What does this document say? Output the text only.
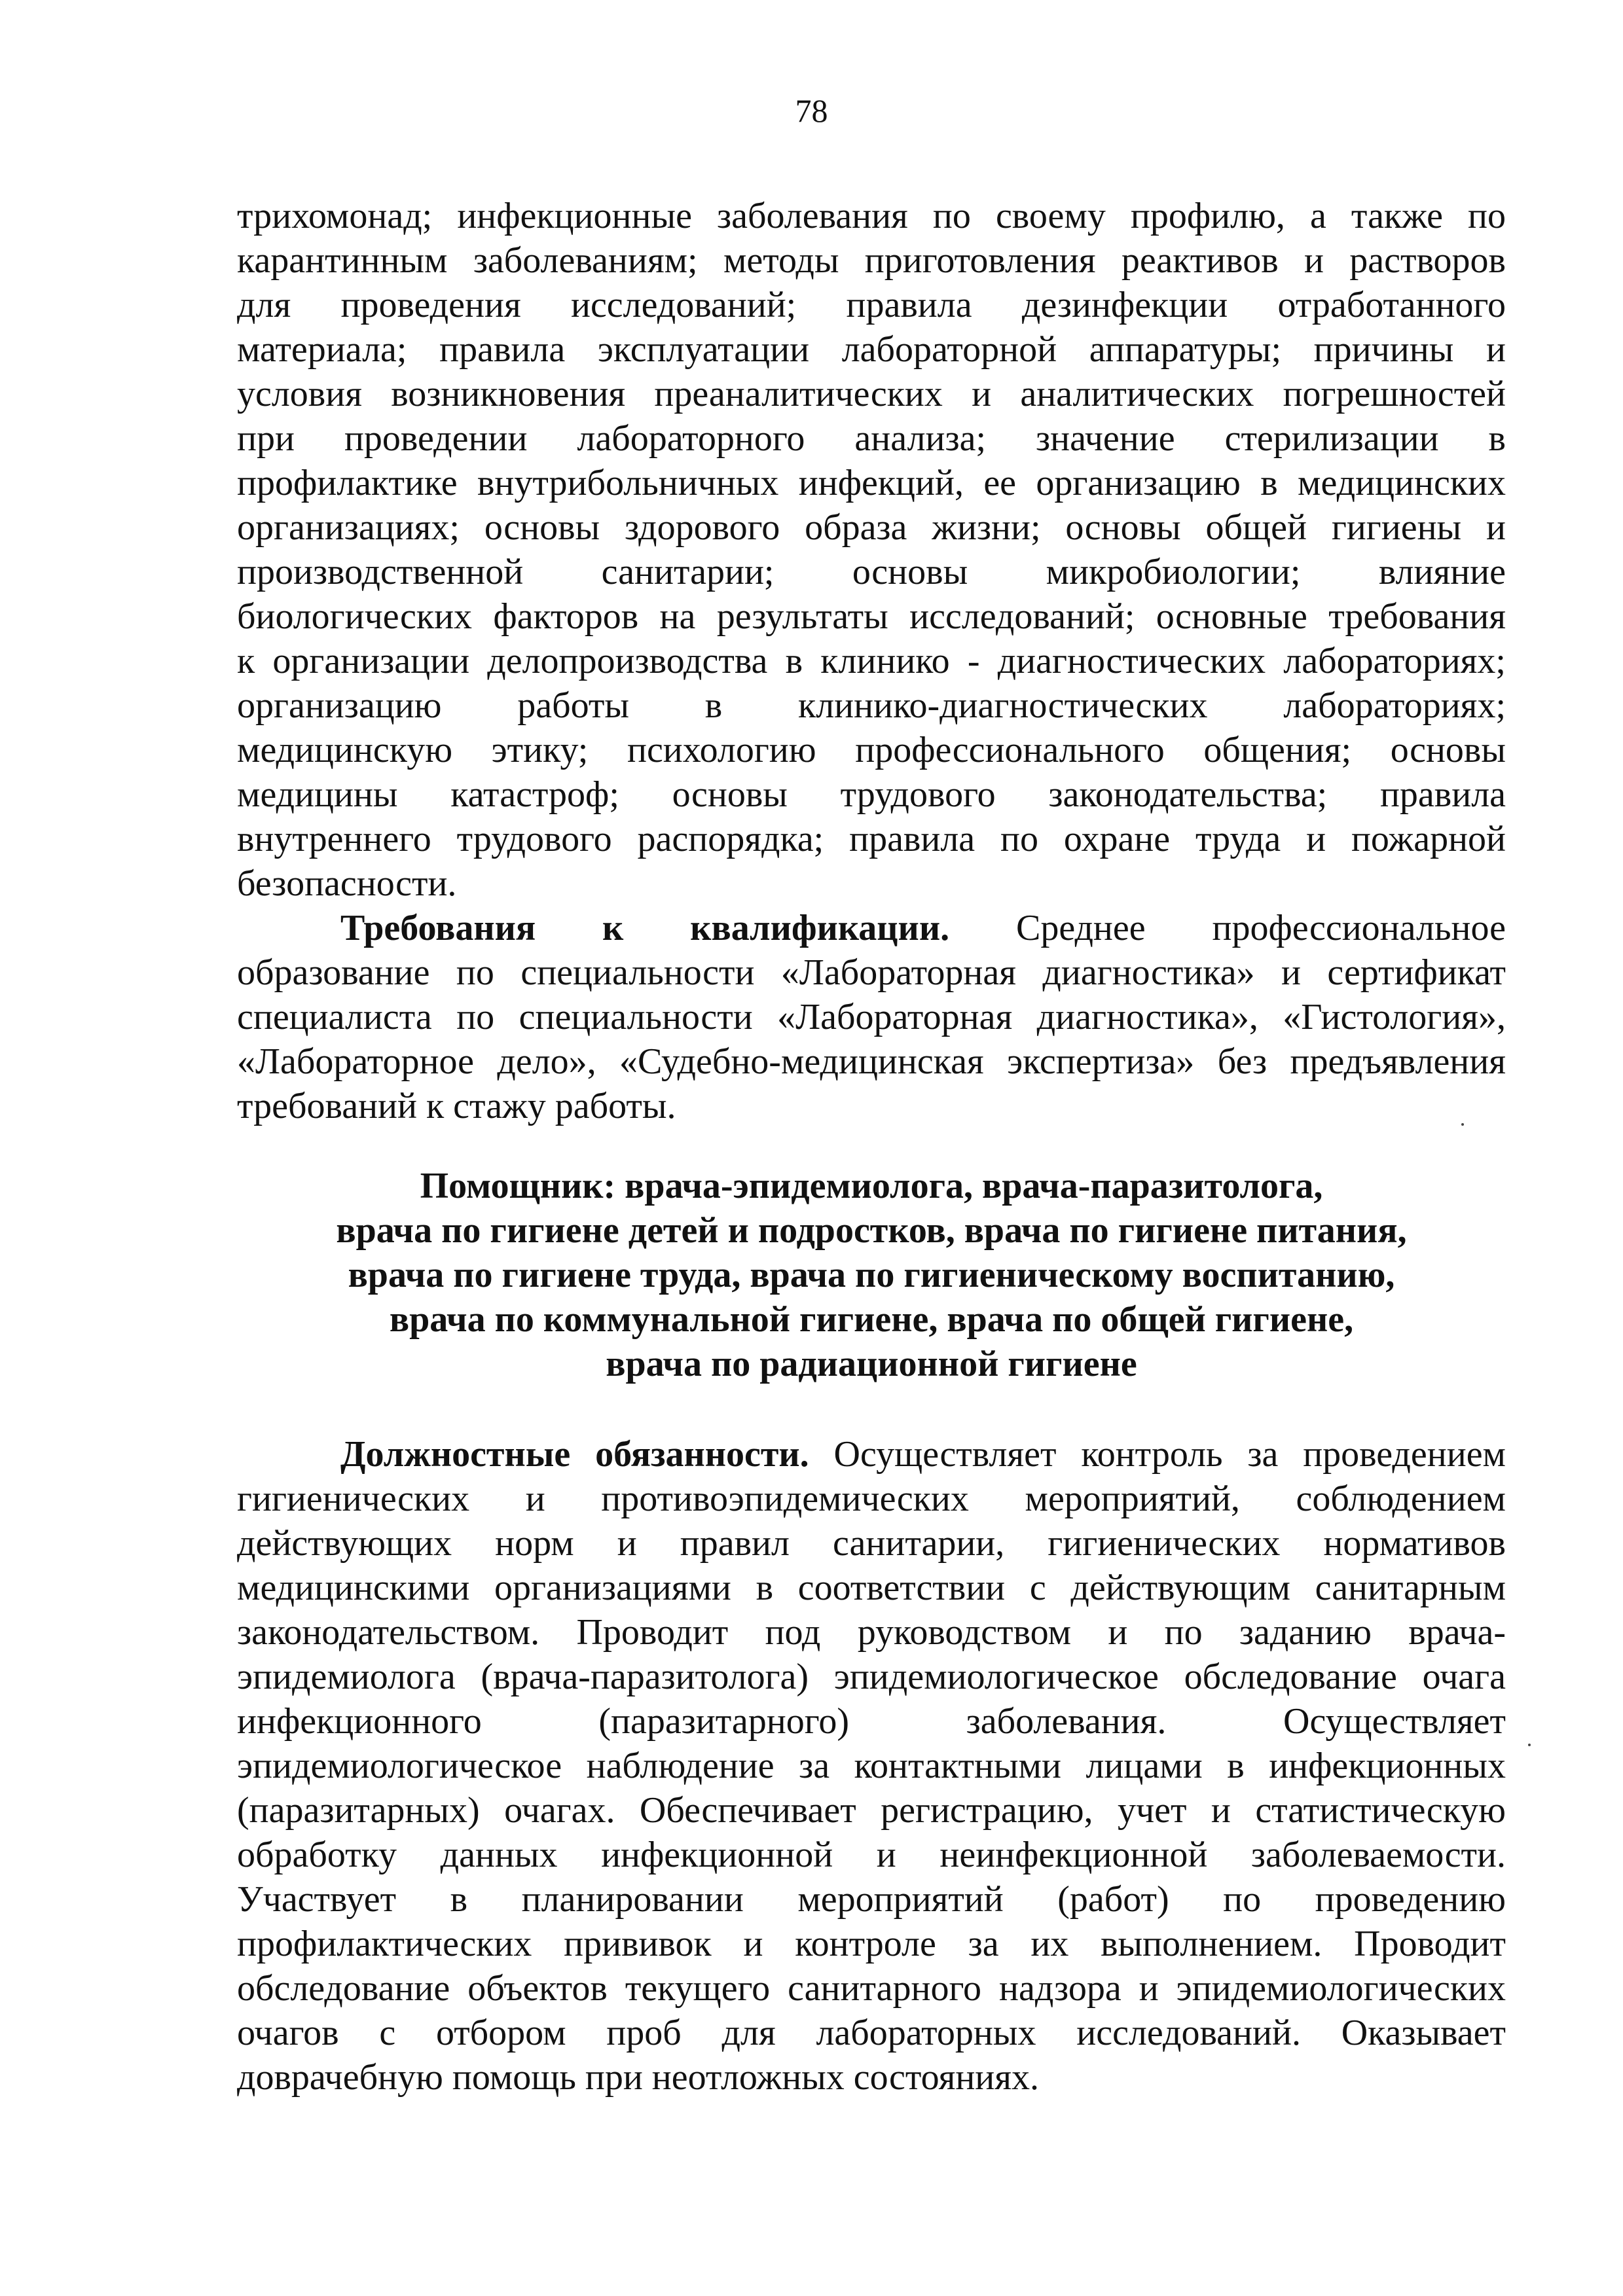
78
трихомонад; инфекционные заболевания по своему профилю, а также по
карантинным заболеваниям; методы приготовления реактивов и растворов
для проведения исследований; правила дезинфекции отработанного
материала; правила эксплуатации лабораторной аппаратуры; причины и
условия возникновения преаналитических и аналитических погрешностей
при проведении лабораторного анализа; значение стерилизации в
профилактике внутрибольничных инфекций, ее организацию в медицинских
организациях; основы здорового образа жизни; основы общей гигиены и
производственной санитарии; основы микробиологии; влияние
биологических факторов на результаты исследований; основные требования
к организации делопроизводства в клинико - диагностических лабораториях;
организацию работы в клинико-диагностических лабораториях;
медицинскую этику; психологию профессионального общения; основы
медицины катастроф; основы трудового законодательства; правила
внутреннего трудового распорядка; правила по охране труда и пожарной
безопасности.
Требования к квалификации. Среднее профессиональное
образование по специальности «Лабораторная диагностика» и сертификат
специалиста по специальности «Лабораторная диагностика», «Гистология»,
«Лабораторное дело», «Судебно-медицинская экспертиза» без предъявления
требований к стажу работы.
Помощник: врача-эпидемиолога, врача-паразитолога,
врача по гигиене детей и подростков, врача по гигиене питания,
врача по гигиене труда, врача по гигиеническому воспитанию,
врача по коммунальной гигиене, врача по общей гигиене,
врача по радиационной гигиене
Должностные обязанности. Осуществляет контроль за проведением
гигиенических и противоэпидемических мероприятий, соблюдением
действующих норм и правил санитарии, гигиенических нормативов
медицинскими организациями в соответствии с действующим санитарным
законодательством. Проводит под руководством и по заданию врача-
эпидемиолога (врача-паразитолога) эпидемиологическое обследование очага
инфекционного (паразитарного) заболевания. Осуществляет
эпидемиологическое наблюдение за контактными лицами в инфекционных
(паразитарных) очагах. Обеспечивает регистрацию, учет и статистическую
обработку данных инфекционной и неинфекционной заболеваемости.
Участвует в планировании мероприятий (работ) по проведению
профилактических прививок и контроле за их выполнением. Проводит
обследование объектов текущего санитарного надзора и эпидемиологических
очагов с отбором проб для лабораторных исследований. Оказывает
доврачебную помощь при неотложных состояниях.
